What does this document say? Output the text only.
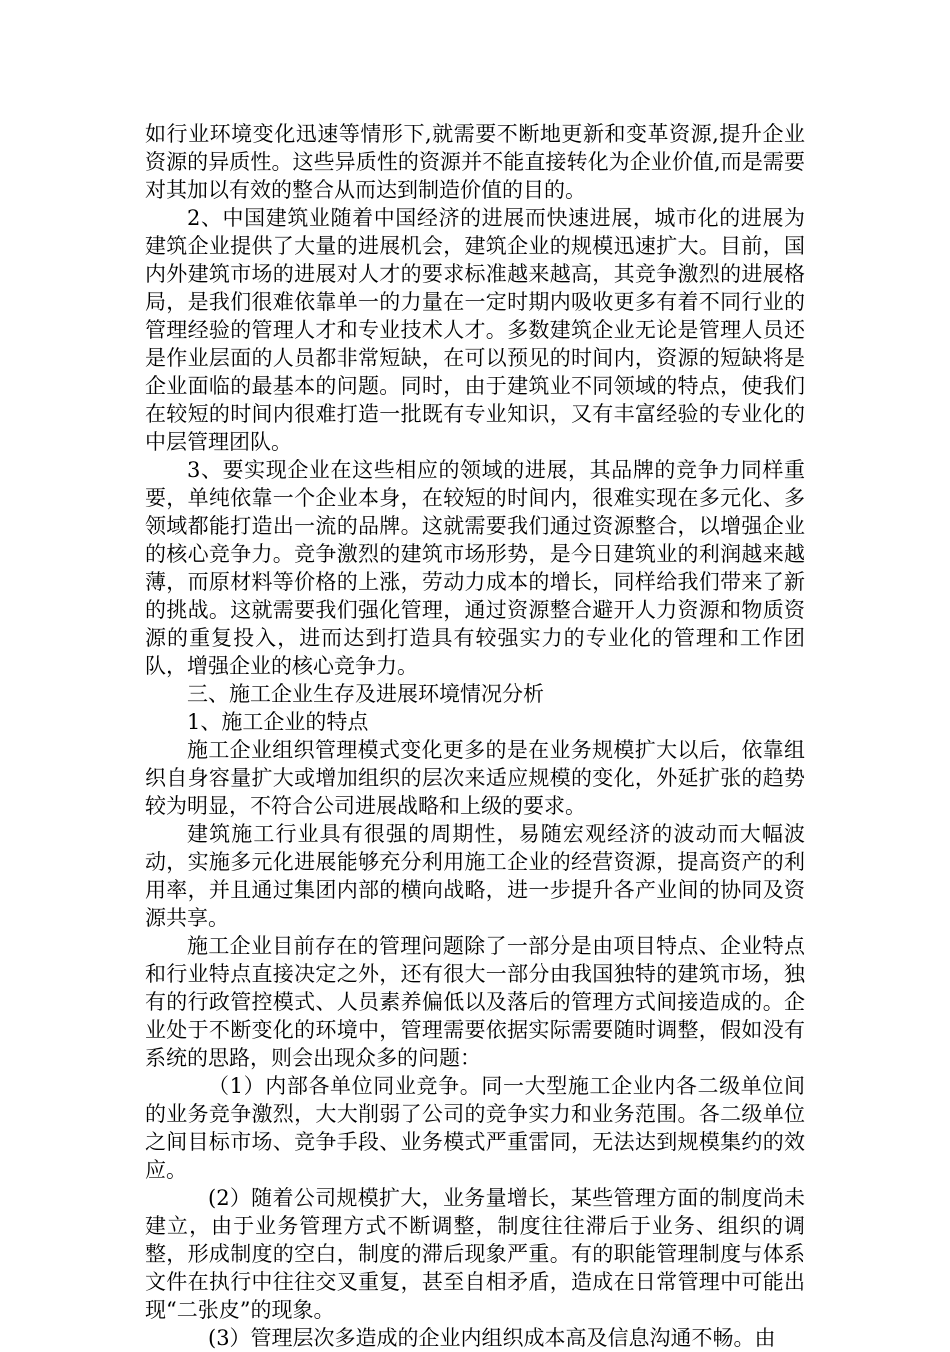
如行业环境变化迅速等情形下,就需要不断地更新和变革资源,提升企业资源的异质性。这些异质性的资源并不能直接转化为企业价值,而是需要对其加以有效的整合从而达到制造价值的目的。

2、中国建筑业随着中国经济的进展而快速进展，城市化的进展为建筑企业提供了大量的进展机会，建筑企业的规模迅速扩大。目前，国内外建筑市场的进展对人才的要求标准越来越高，其竞争激烈的进展格局，是我们很难依靠单一的力量在一定时期内吸收更多有着不同行业的管理经验的管理人才和专业技术人才。多数建筑企业无论是管理人员还是作业层面的人员都非常短缺，在可以预见的时间内，资源的短缺将是企业面临的最基本的问题。同时，由于建筑业不同领域的特点，使我们在较短的时间内很难打造一批既有专业知识，又有丰富经验的专业化的中层管理团队。

3、要实现企业在这些相应的领域的进展，其品牌的竞争力同样重要，单纯依靠一个企业本身，在较短的时间内，很难实现在多元化、多领域都能打造出一流的品牌。这就需要我们通过资源整合，以增强企业的核心竞争力。竞争激烈的建筑市场形势，是今日建筑业的利润越来越薄，而原材料等价格的上涨，劳动力成本的增长，同样给我们带来了新的挑战。这就需要我们强化管理，通过资源整合避开人力资源和物质资源的重复投入，进而达到打造具有较强实力的专业化的管理和工作团队，增强企业的核心竞争力。

三、施工企业生存及进展环境情况分析

1、施工企业的特点

施工企业组织管理模式变化更多的是在业务规模扩大以后，依靠组织自身容量扩大或增加组织的层次来适应规模的变化，外延扩张的趋势较为明显，不符合公司进展战略和上级的要求。

建筑施工行业具有很强的周期性，易随宏观经济的波动而大幅波动，实施多元化进展能够充分利用施工企业的经营资源，提高资产的利用率，并且通过集团内部的横向战略，进一步提升各产业间的协同及资源共享。

施工企业目前存在的管理问题除了一部分是由项目特点、企业特点和行业特点直接决定之外，还有很大一部分由我国独特的建筑市场，独有的行政管控模式、人员素养偏低以及落后的管理方式间接造成的。企业处于不断变化的环境中，管理需要依据实际需要随时调整，假如没有系统的思路，则会出现众多的问题：

（1）内部各单位同业竞争。同一大型施工企业内各二级单位间的业务竞争激烈，大大削弱了公司的竞争实力和业务范围。各二级单位之间目标市场、竞争手段、业务模式严重雷同，无法达到规模集约的效应。

(2）随着公司规模扩大，业务量增长，某些管理方面的制度尚未建立，由于业务管理方式不断调整，制度往往滞后于业务、组织的调整，形成制度的空白，制度的滞后现象严重。有的职能管理制度与体系文件在执行中往往交叉重复，甚至自相矛盾，造成在日常管理中可能出现“二张皮”的现象。

(3）管理层次多造成的企业内组织成本高及信息沟通不畅。由
